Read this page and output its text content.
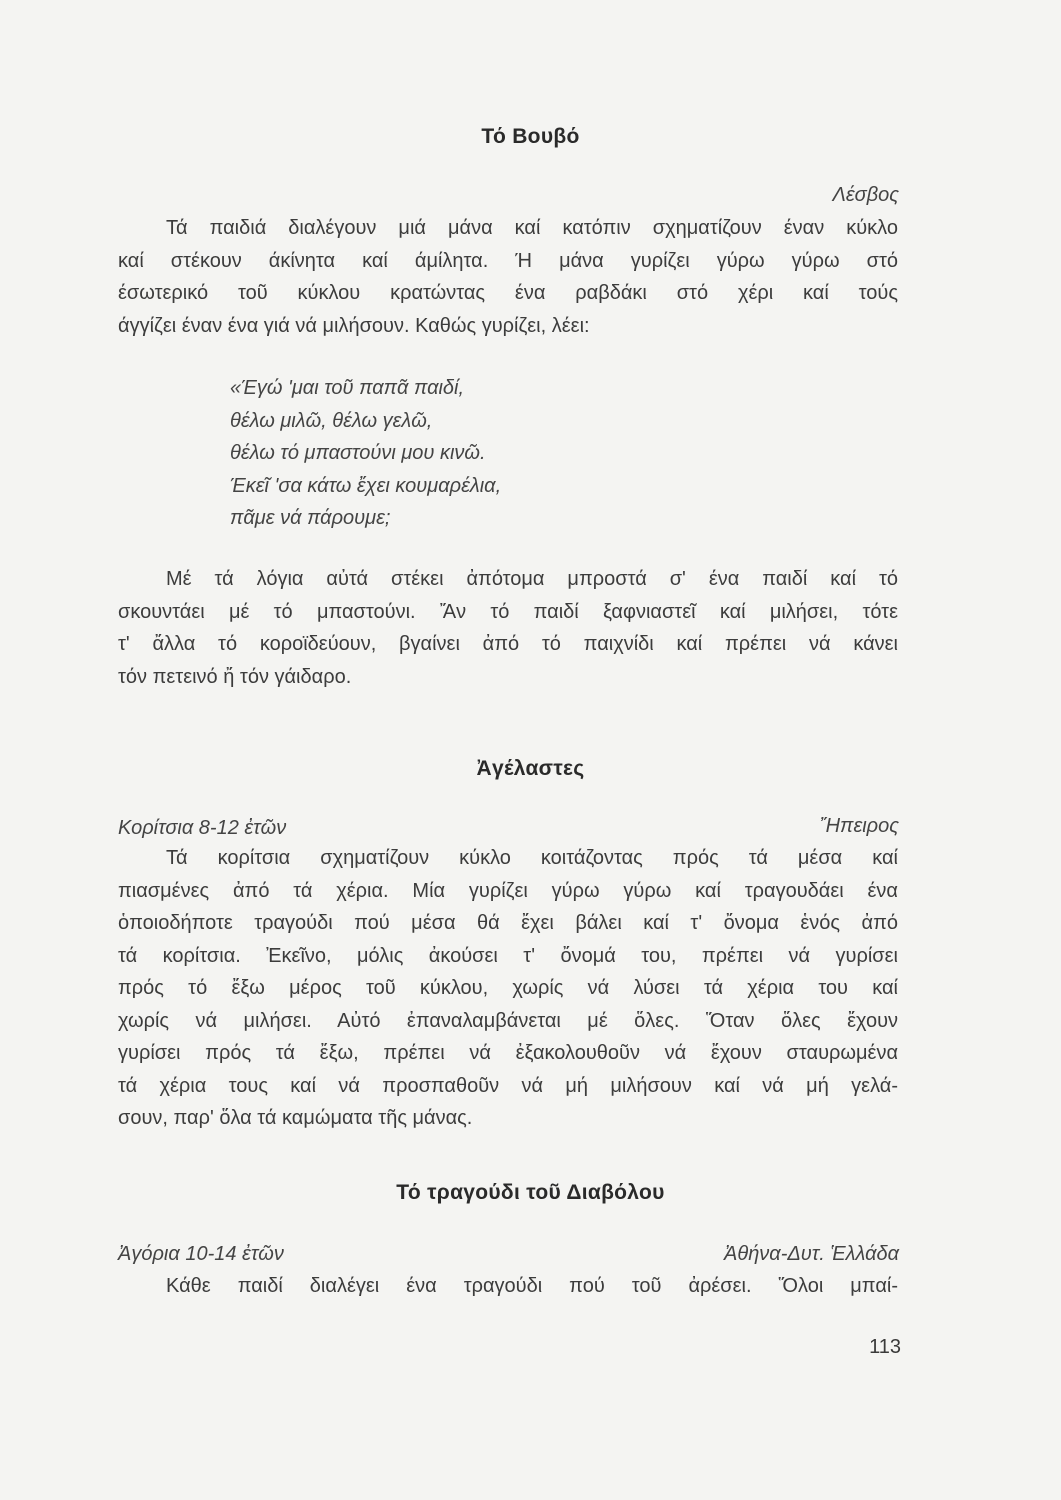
Τό Βουβό
Λέσβος
Τά παιδιά διαλέγουν μιά μάνα καί κατόπιν σχηματίζουν έναν κύκλο
καί στέκουν άκίνητα καί άμίλητα. Ή μάνα γυρίζει γύρω γύρω στό
έσωτερικό τοῦ κύκλου κρατώντας ένα ραβδάκι στό χέρι καί τούς
άγγίζει έναν ένα γιά νά μιλήσουν. Καθώς γυρίζει, λέει:
«Έγώ 'μαι τοῦ παπᾶ παιδί,
θέλω μιλῶ, θέλω γελῶ,
θέλω τό μπαστούνι μου κινῶ.
Έκεῖ 'σα κάτω ἔχει κουμαρέλια,
πᾶμε νά πάρουμε;
Μέ τά λόγια αὐτά στέκει ἀπότομα μπροστά σ' ένα παιδί καί τό
σκουντάει μέ τό μπαστούνι. Ἄν τό παιδί ξαφνιαστεῖ καί μιλήσει, τότε
τ' ἄλλα τό κοροϊδεύουν, βγαίνει ἀπό τό παιχνίδι καί πρέπει νά κάνει
τόν πετεινό ἤ τόν γάιδαρο.
Ἀγέλαστες
Κορίτσια 8-12 ἐτῶν	Ἤπειρος
Τά κορίτσια σχηματίζουν κύκλο κοιτάζοντας πρός τά μέσα καί
πιασμένες ἀπό τά χέρια. Μία γυρίζει γύρω γύρω καί τραγουδάει ένα
ὁποιοδήποτε τραγούδι πού μέσα θά ἔχει βάλει καί τ' ὄνομα ἑνός ἀπό
τά κορίτσια. Ἐκεῖνο, μόλις ἀκούσει τ' ὄνομά του, πρέπει νά γυρίσει
πρός τό ἔξω μέρος τοῦ κύκλου, χωρίς νά λύσει τά χέρια του καί
χωρίς νά μιλήσει. Αὐτό ἐπαναλαμβάνεται μέ ὅλες. Ὅταν ὅλες ἔχουν
γυρίσει πρός τά ἔξω, πρέπει νά ἐξακολουθοῦν νά ἔχουν σταυρωμένα
τά χέρια τους καί νά προσπαθοῦν νά μή μιλήσουν καί νά μή γελά-
σουν, παρ' ὅλα τά καμώματα τῆς μάνας.
Τό τραγούδι τοῦ Διαβόλου
Ἀγόρια 10-14 ἐτῶν	Ἀθήνα-Δυτ. Ἑλλάδα
Κάθε παιδί διαλέγει ένα τραγούδι πού τοῦ ἀρέσει. Ὅλοι μπαί-
113
